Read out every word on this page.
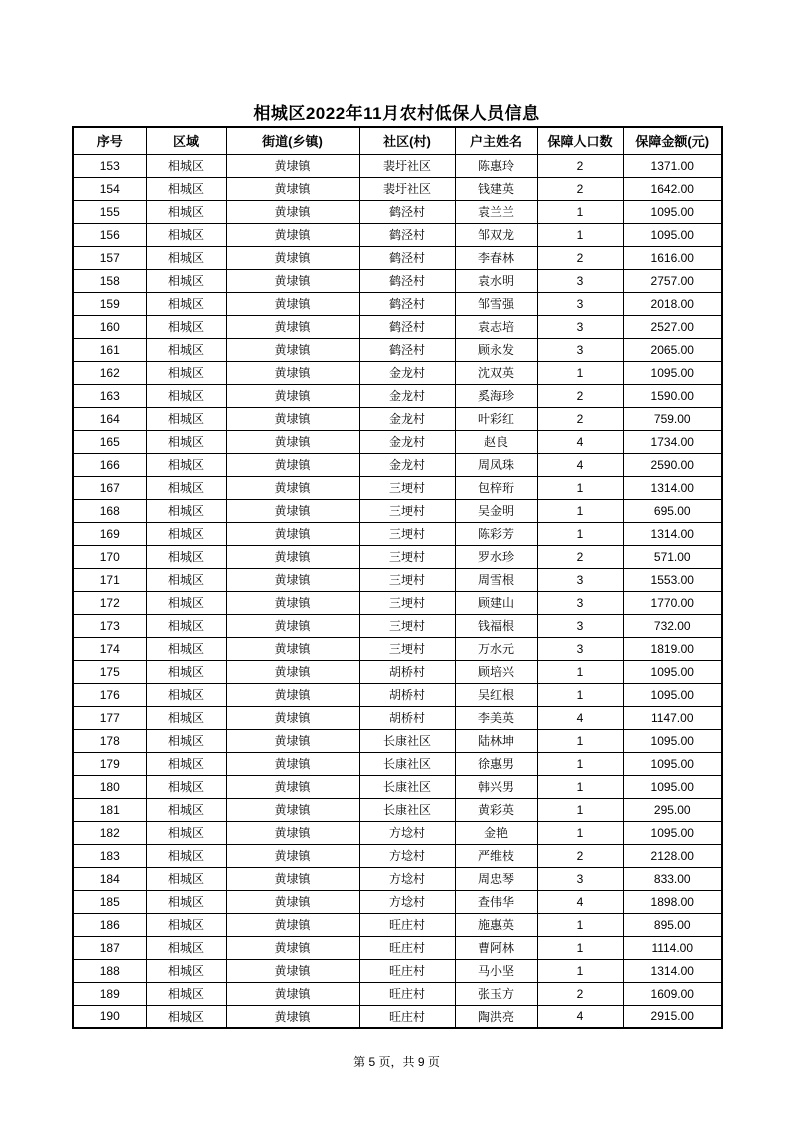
相城区2022年11月农村低保人员信息
序号	区域	街道(乡镇)	社区(村)	户主姓名	保障人口数	保障金额(元)
153	相城区	黄埭镇	裴圩社区	陈惠玲	2	1371.00
154	相城区	黄埭镇	裴圩社区	钱建英	2	1642.00
155	相城区	黄埭镇	鹤泾村	袁兰兰	1	1095.00
156	相城区	黄埭镇	鹤泾村	邹双龙	1	1095.00
157	相城区	黄埭镇	鹤泾村	李春林	2	1616.00
158	相城区	黄埭镇	鹤泾村	袁水明	3	2757.00
159	相城区	黄埭镇	鹤泾村	邹雪强	3	2018.00
160	相城区	黄埭镇	鹤泾村	袁志培	3	2527.00
161	相城区	黄埭镇	鹤泾村	顾永发	3	2065.00
162	相城区	黄埭镇	金龙村	沈双英	1	1095.00
163	相城区	黄埭镇	金龙村	奚海珍	2	1590.00
164	相城区	黄埭镇	金龙村	叶彩红	2	759.00
165	相城区	黄埭镇	金龙村	赵良	4	1734.00
166	相城区	黄埭镇	金龙村	周凤珠	4	2590.00
167	相城区	黄埭镇	三埂村	包梓珩	1	1314.00
168	相城区	黄埭镇	三埂村	吴金明	1	695.00
169	相城区	黄埭镇	三埂村	陈彩芳	1	1314.00
170	相城区	黄埭镇	三埂村	罗水珍	2	571.00
171	相城区	黄埭镇	三埂村	周雪根	3	1553.00
172	相城区	黄埭镇	三埂村	顾建山	3	1770.00
173	相城区	黄埭镇	三埂村	钱福根	3	732.00
174	相城区	黄埭镇	三埂村	万水元	3	1819.00
175	相城区	黄埭镇	胡桥村	顾培兴	1	1095.00
176	相城区	黄埭镇	胡桥村	吴红根	1	1095.00
177	相城区	黄埭镇	胡桥村	李美英	4	1147.00
178	相城区	黄埭镇	长康社区	陆林坤	1	1095.00
179	相城区	黄埭镇	长康社区	徐惠男	1	1095.00
180	相城区	黄埭镇	长康社区	韩兴男	1	1095.00
181	相城区	黄埭镇	长康社区	黄彩英	1	295.00
182	相城区	黄埭镇	方埝村	金艳	1	1095.00
183	相城区	黄埭镇	方埝村	严维枝	2	2128.00
184	相城区	黄埭镇	方埝村	周忠琴	3	833.00
185	相城区	黄埭镇	方埝村	查伟华	4	1898.00
186	相城区	黄埭镇	旺庄村	施惠英	1	895.00
187	相城区	黄埭镇	旺庄村	曹阿林	1	1114.00
188	相城区	黄埭镇	旺庄村	马小坚	1	1314.00
189	相城区	黄埭镇	旺庄村	张玉方	2	1609.00
190	相城区	黄埭镇	旺庄村	陶洪亮	4	2915.00
第 5 页，共 9 页
